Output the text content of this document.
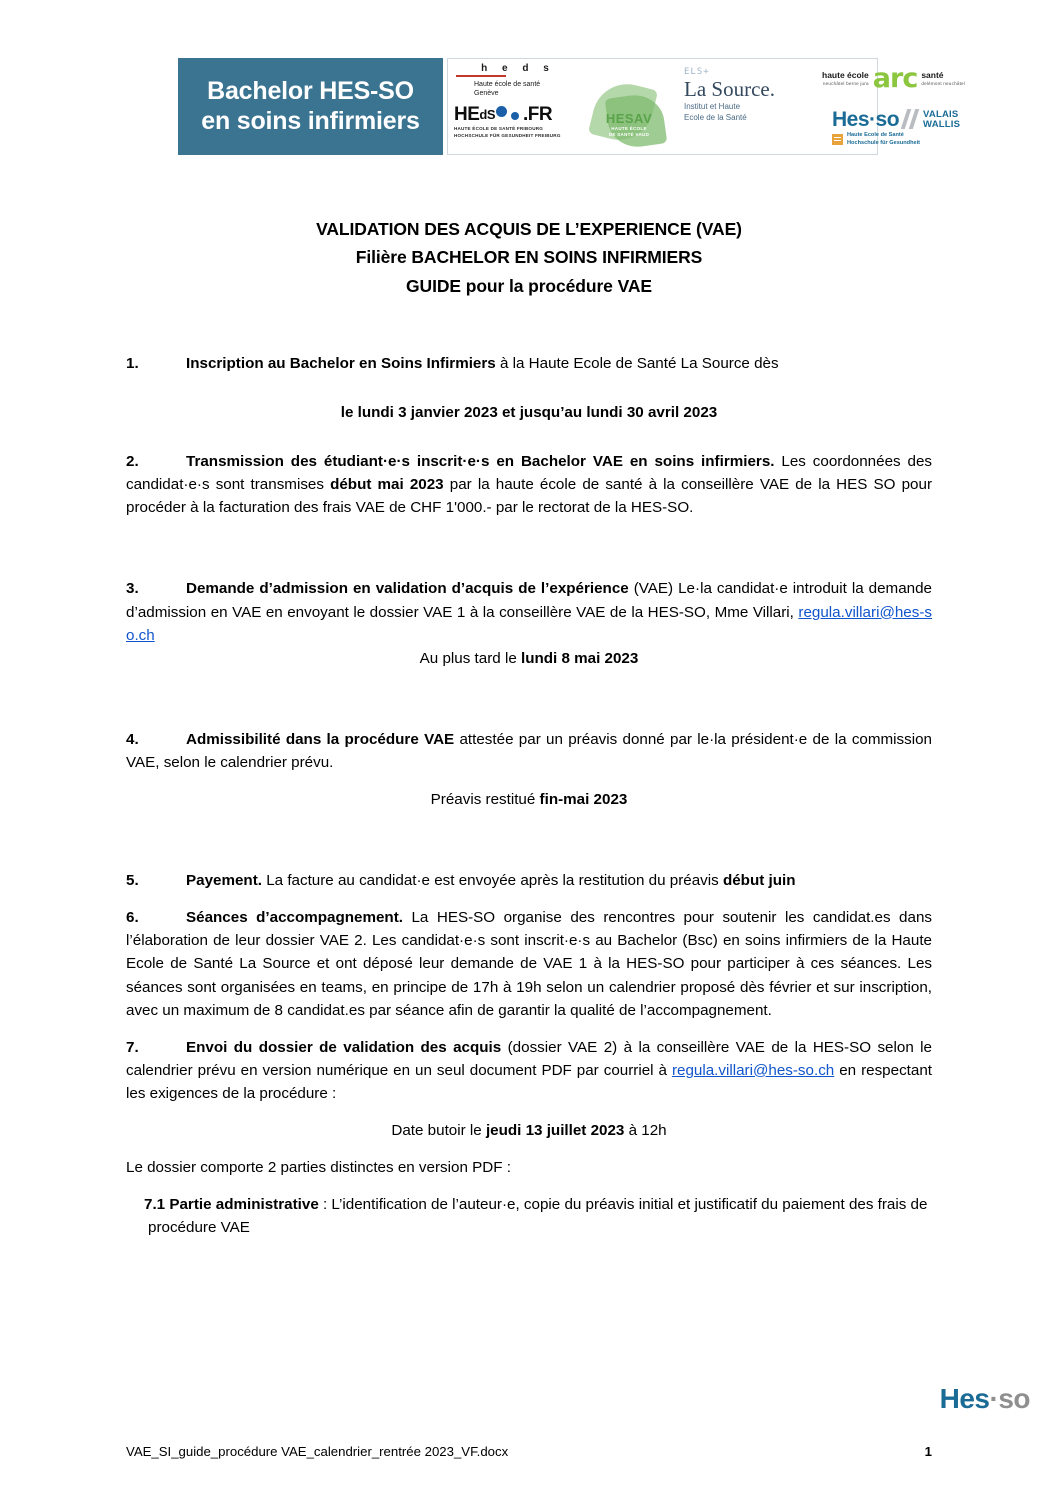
Bachelor HES-SO
en soins infirmiers
h e d s
Haute école de santé
Genève
HE dS .FR
HAUTE ÉCOLE DE SANTÉ FRIBOURG
HOCHSCHULE FÜR GESUNDHEIT FREIBURG
HESAV
HAUTE ÉCOLE
DE SANTÉ VAUD
ELS+
La Source.
Institut et Haute
Ecole de la Santé
haute école
neuchâtel berne jura arc santé
delémont neuchâtel
Hes · so	VALAIS
WALLIS
Haute Ecole de Santé
Hochschule für Gesundheit
VALIDATION DES ACQUIS DE L’EXPERIENCE (VAE)
Filière BACHELOR EN SOINS INFIRMIERS
GUIDE pour la procédure VAE

1.	Inscription au Bachelor en Soins Infirmiers à la Haute Ecole de Santé La Source dès

le lundi 3 janvier 2023 et jusqu’au lundi 30 avril 2023

2.	Transmission des étudiant·e·s inscrit·e·s en Bachelor VAE en soins infirmiers. Les coordonnées des candidat·e·s sont transmises début mai 2023 par la haute école de santé à la conseillère VAE de la HES SO pour procéder à la facturation des frais VAE de CHF 1'000.- par le rectorat de la HES-SO.

3.	Demande d’admission en validation d’acquis de l’expérience (VAE) Le·la candidat·e introduit la demande d’admission en VAE en envoyant le dossier VAE 1 à la conseillère VAE de la HES-SO, Mme Villari, regula.villari@hes-so.ch

Au plus tard le lundi 8 mai 2023

4.	Admissibilité dans la procédure VAE attestée par un préavis donné par le·la président·e de la commission VAE, selon le calendrier prévu.

Préavis restitué fin-mai 2023

5.	Payement. La facture au candidat·e est envoyée après la restitution du préavis début juin

6.	Séances d’accompagnement. La HES-SO organise des rencontres pour soutenir les candidat.es dans l’élaboration de leur dossier VAE 2. Les candidat·e·s sont inscrit·e·s au Bachelor (Bsc) en soins infirmiers de la Haute Ecole de Santé La Source et ont déposé leur demande de VAE 1 à la HES-SO pour participer à ces séances. Les séances sont organisées en teams, en principe de 17h à 19h selon un calendrier proposé dès février et sur inscription, avec un maximum de 8 candidat.es par séance afin de garantir la qualité de l’accompagnement.

7.	Envoi du dossier de validation des acquis (dossier VAE 2) à la conseillère VAE de la HES-SO selon le calendrier prévu en version numérique en un seul document PDF par courriel à regula.villari@hes-so.ch en respectant les exigences de la procédure :

Date butoir le jeudi 13 juillet 2023 à 12h

Le dossier comporte 2 parties distinctes en version PDF :

7.1 Partie administrative : L’identification de l’auteur·e, copie du préavis initial et justificatif du paiement des frais de procédure VAE

Hes·so
VAE_SI_guide_procédure VAE_calendrier_rentrée 2023_VF.docx	1
